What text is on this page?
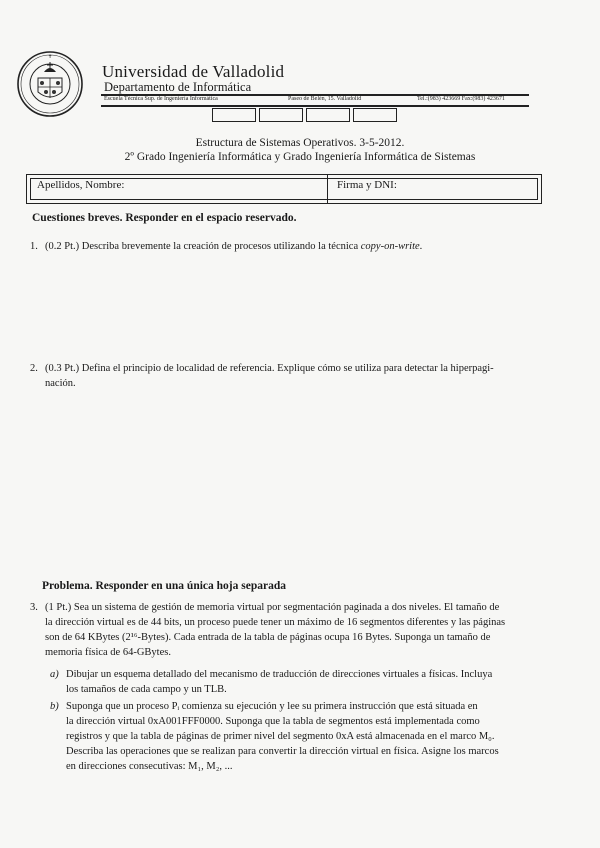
✝
Universidad de Valladolid
Departamento de Informática
Escuela Técnica Sup. de Ingeniería Informática	Paseo de Belén, 15. Valladolid	Tel.:(983) 423669 Fax:(983) 423671
Estructura de Sistemas Operativos. 3-5-2012.
2º Grado Ingeniería Informática y Grado Ingeniería Informática de Sistemas
Apellidos, Nombre:	Firma y DNI:
Cuestiones breves. Responder en el espacio reservado.
1. (0.2 Pt.) Describa brevemente la creación de procesos utilizando la técnica copy-on-write.
2. (0.3 Pt.) Defina el principio de localidad de referencia. Explique cómo se utiliza para detectar la hiperpagi-
nación.
Problema. Responder en una única hoja separada
3. (1 Pt.) Sea un sistema de gestión de memoria virtual por segmentación paginada a dos niveles. El tamaño de
la dirección virtual es de 44 bits, un proceso puede tener un máximo de 16 segmentos diferentes y las páginas
son de 64 KBytes (2¹⁶-Bytes). Cada entrada de la tabla de páginas ocupa 16 Bytes. Suponga un tamaño de
memoria física de 64-GBytes.
a) Dibujar un esquema detallado del mecanismo de traducción de direcciones virtuales a físicas. Incluya
los tamaños de cada campo y un TLB.
b) Suponga que un proceso Pᵢ comienza su ejecución y lee su primera instrucción que está situada en
la dirección virtual 0xA001FFF0000. Suponga que la tabla de segmentos está implementada como
registros y que la tabla de páginas de primer nivel del segmento 0xA está almacenada en el marco M₀.
Describa las operaciones que se realizan para convertir la dirección virtual en física. Asigne los marcos
en direcciones consecutivas: M₁, M₂, ...
